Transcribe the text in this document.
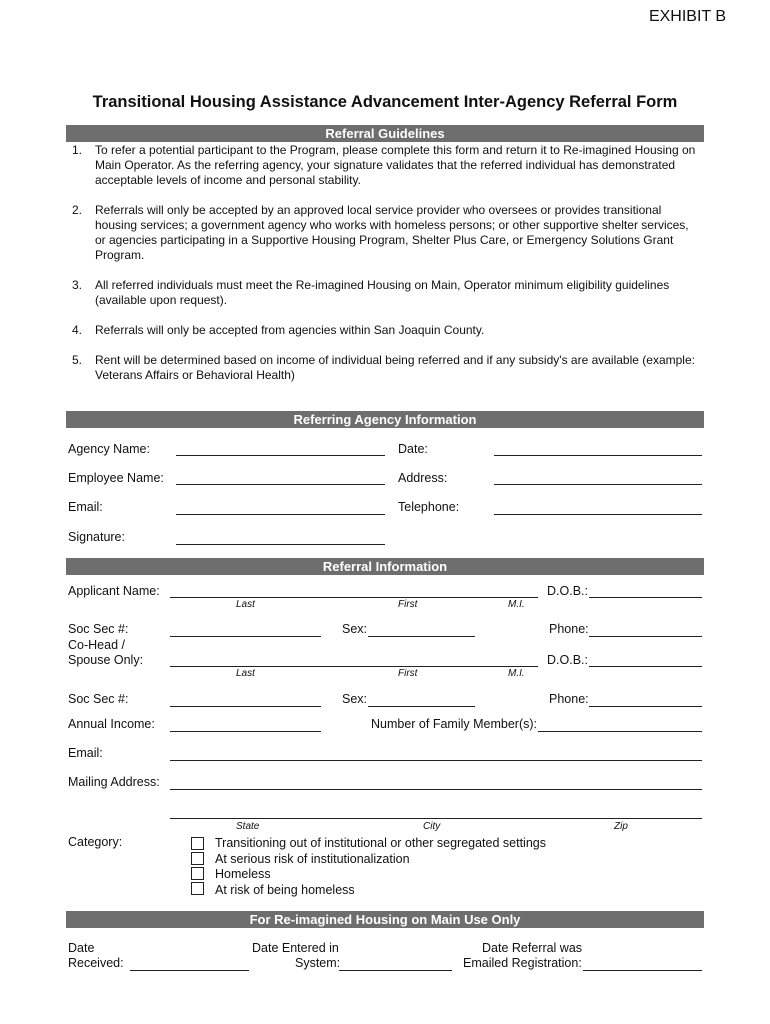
EXHIBIT B
Transitional Housing Assistance Advancement Inter-Agency Referral Form
Referral Guidelines
1. To refer a potential participant to the Program, please complete this form and return it to Re-imagined Housing on Main Operator. As the referring agency, your signature validates that the referred individual has demonstrated acceptable levels of income and personal stability.
2. Referrals will only be accepted by an approved local service provider who oversees or provides transitional housing services; a government agency who works with homeless persons; or other supportive shelter services, or agencies participating in a Supportive Housing Program, Shelter Plus Care, or Emergency Solutions Grant Program.
3. All referred individuals must meet the Re-imagined Housing on Main, Operator minimum eligibility guidelines (available upon request).
4. Referrals will only be accepted from agencies within San Joaquin County.
5. Rent will be determined based on income of individual being referred and if any subsidy's are available (example: Veterans Affairs or Behavioral Health)
Referring Agency Information
Agency Name:	Date:
Employee Name:	Address:
Email:	Telephone:
Signature:
Referral Information
Applicant Name:	D.O.B.:
Last	First	M.I.
Soc Sec #:	Sex:	Phone:
Co-Head /
Spouse Only:	D.O.B.:
Last	First	M.I.
Soc Sec #:	Sex:	Phone:
Annual Income:	Number of Family Member(s):
Email:
Mailing Address:
State	City	Zip
Category:	Transitioning out of institutional or other segregated settings
At serious risk of institutionalization
Homeless
At risk of being homeless
For Re-imagined Housing on Main Use Only
Date
Received:
Date Entered in
System:
Date Referral was
Emailed Registration:
